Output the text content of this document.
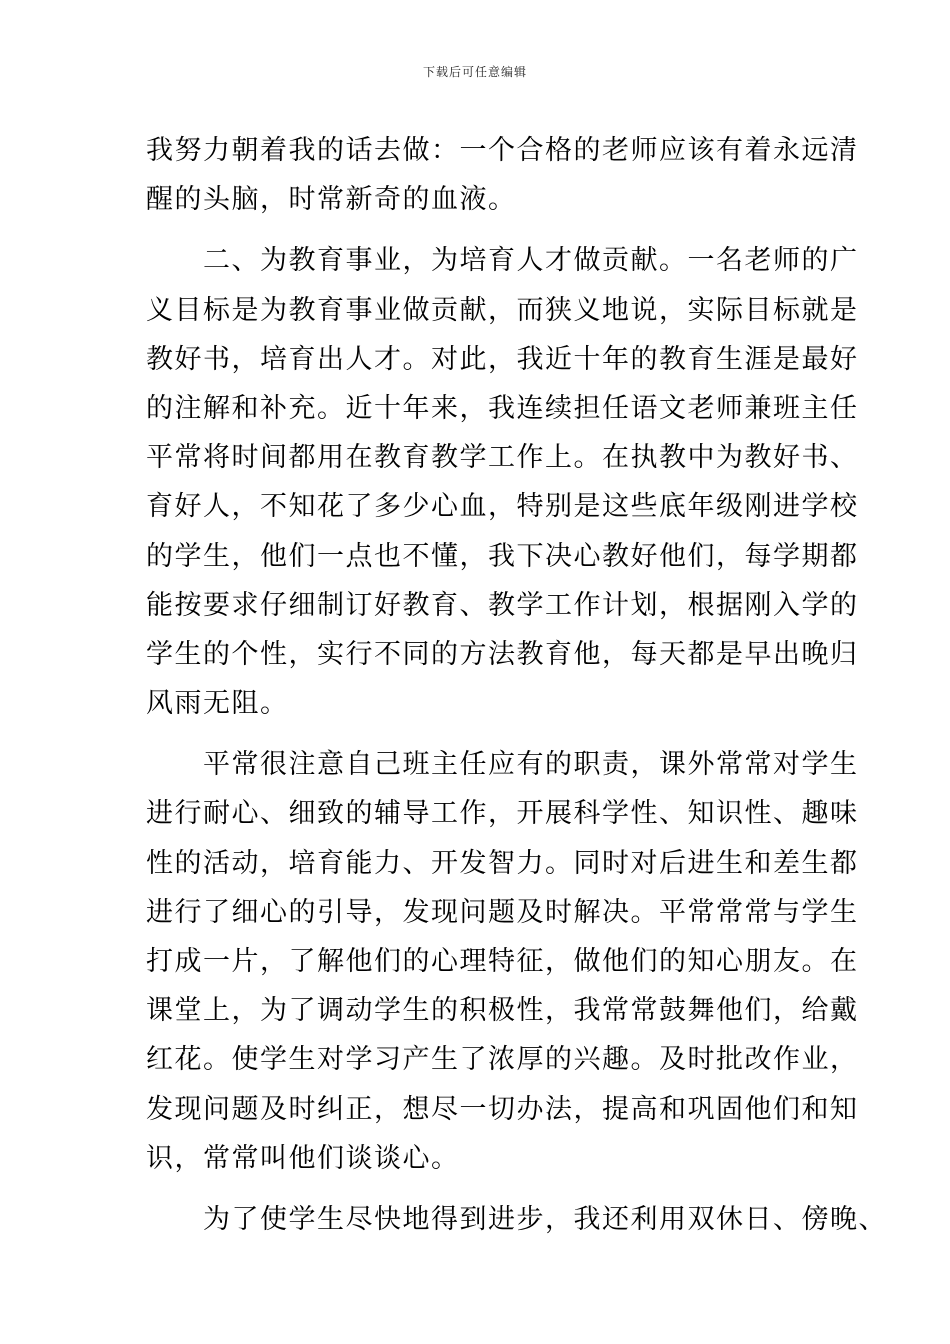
下载后可任意编辑
我努力朝着我的话去做：一个合格的老师应该有着永远清
醒的头脑，时常新奇的血液。
　　二、为教育事业，为培育人才做贡献。一名老师的广
义目标是为教育事业做贡献，而狭义地说，实际目标就是
教好书，培育出人才。对此，我近十年的教育生涯是最好
的注解和补充。近十年来，我连续担任语文老师兼班主任
平常将时间都用在教育教学工作上。在执教中为教好书、
育好人，不知花了多少心血，特别是这些底年级刚进学校
的学生，他们一点也不懂，我下决心教好他们，每学期都
能按要求仔细制订好教育、教学工作计划，根据刚入学的
学生的个性，实行不同的方法教育他，每天都是早出晚归
风雨无阻。
　　平常很注意自己班主任应有的职责，课外常常对学生
进行耐心、细致的辅导工作，开展科学性、知识性、趣味
性的活动，培育能力、开发智力。同时对后进生和差生都
进行了细心的引导，发现问题及时解决。平常常常与学生
打成一片，了解他们的心理特征，做他们的知心朋友。在
课堂上，为了调动学生的积极性，我常常鼓舞他们，给戴
红花。使学生对学习产生了浓厚的兴趣。及时批改作业，
发现问题及时纠正，想尽一切办法，提高和巩固他们和知
识，常常叫他们谈谈心。
　　为了使学生尽快地得到进步，我还利用双休日、傍晚、
